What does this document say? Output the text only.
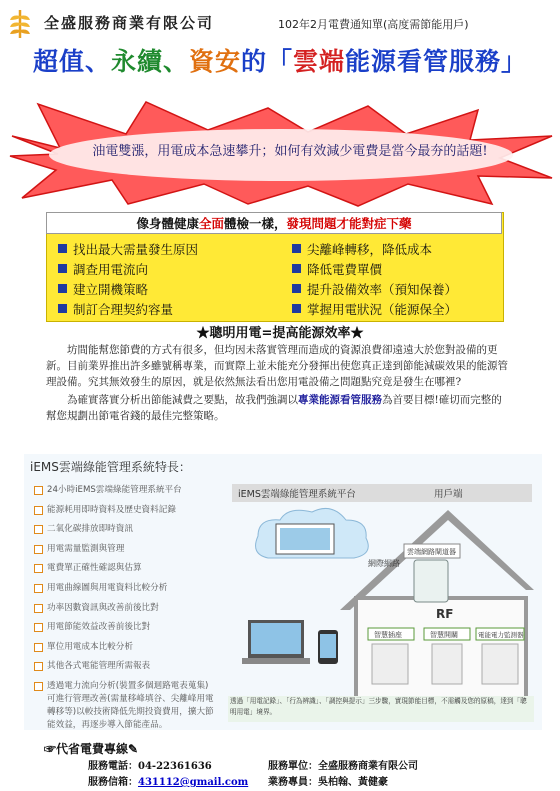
全盛服務商業有限公司	102年2月電費通知單(高度需節能用戶)
超值、永續、資安的「雲端能源看管服務」
油電雙漲，用電成本急速攀升；如何有效減少電費是當今最夯的話題!
像身體健康全面體檢一樣，發現問題才能對症下藥
找出最大需量發生原因
調查用電流向
建立開機策略
制訂合理契約容量
尖離峰轉移，降低成本
降低電費單價
提升設備效率（預知保養）
掌握用電狀況（能源保全）
★聰明用電=提高能源效率★
坊間能幫您節費的方式有很多，但均因未落實管理而造成的資源浪費卻遠遠大於您對設備的更新。目前業界推出許多雖號稱專業，而實際上並未能充分發揮出使您真正達到節能減碳效果的能源管理設備。究其無效發生的原因，就是依然無法看出您用電設備之問題點究竟是發生在哪裡?
為確實落實分析出節能減費之要點，故我們強調以專業能源看管服務為首要目標!確切而完整的幫您規劃出節電省錢的最佳完整策略。
iEMS雲端綠能管理系統特長：
24小時iEMS雲端綠能管理系統平台
能源耗用即時資料及歷史資料記錄
二氧化碳排放即時資訊
用電需量監測與管理
電費單正確性確認與估算
用電曲線圖與用電資料比較分析
功率因數資訊與改善前後比對
用電節能效益改善前後比對
單位用電成本比較分析
其他各式電能管理所需報表
透過電力流向分析(裝置多個迴路電表蒐集) 可進行管理改善(需量移峰填谷、尖離峰用電轉移等)以較技術降低先期投資費用，擴大節能效益，再逐步導入節能產品。
iEMS雲端綠能管理系統平台	用戶端
網際網路
雲端網路閘道器
RF
智慧插座	智慧開關	電能電力監測器
透過「用電記錄」、「行為辨識」、「調控與提示」三步驟，實現節能目標，不需觸及您的原稿，達到「聰明用電」境界。
☞代省電費專線✎
服務電話：04-22361636
服務信箱：431112@gmail.com
服務單位：全盛服務商業有限公司
業務專員：吳柏翰、黃健豪
